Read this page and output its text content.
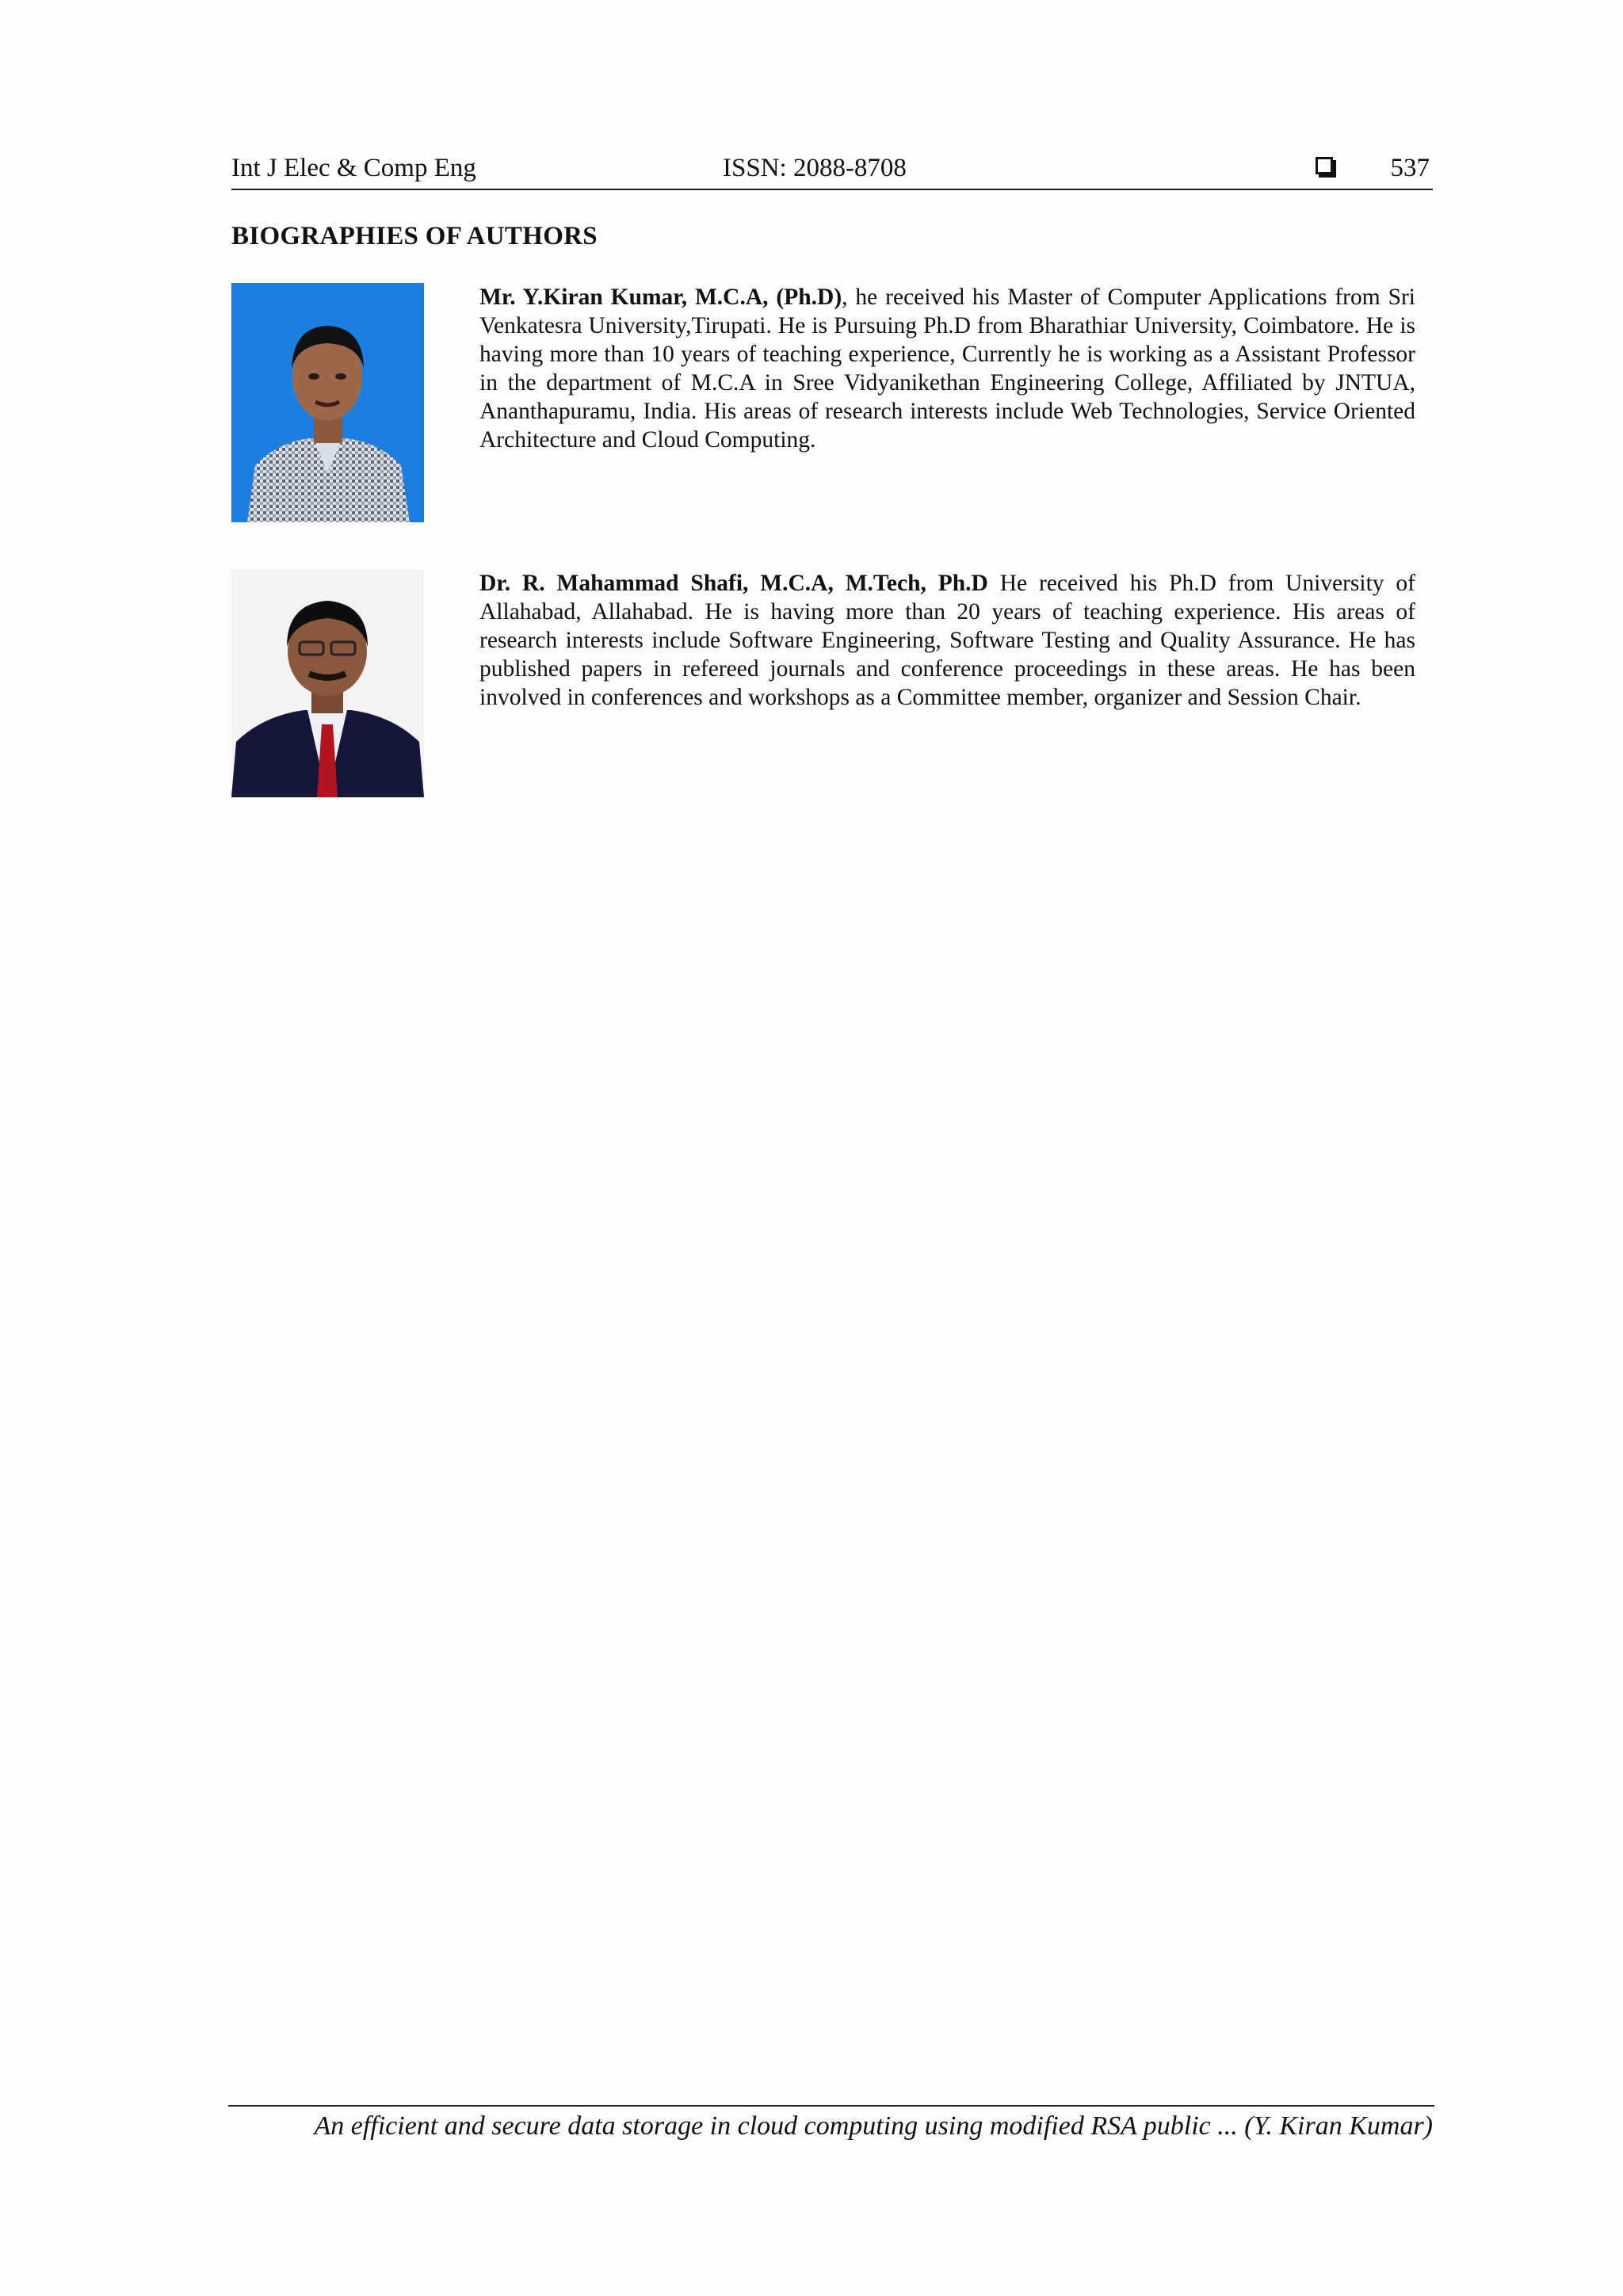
Int J Elec & Comp Eng	ISSN: 2088-8708	537
BIOGRAPHIES OF AUTHORS
Mr. Y.Kiran Kumar, M.C.A, (Ph.D), he received his Master of Computer Applications from Sri Venkatesra University,Tirupati. He is Pursuing Ph.D from Bharathiar University, Coimbatore. He is having more than 10 years of teaching experience, Currently he is working as a Assistant Professor in the department of M.C.A in Sree Vidyanikethan Engineering College, Affiliated by JNTUA, Ananthapuramu, India. His areas of research interests include Web Technologies, Service Oriented Architecture and Cloud Computing.
Dr. R. Mahammad Shafi, M.C.A, M.Tech, Ph.D He received his Ph.D from University of Allahabad, Allahabad. He is having more than 20 years of teaching experience. His areas of research interests include Software Engineering, Software Testing and Quality Assurance. He has published papers in refereed journals and conference proceedings in these areas. He has been involved in conferences and workshops as a Committee member, organizer and Session Chair.
An efficient and secure data storage in cloud computing using modified RSA public ... (Y. Kiran Kumar)
